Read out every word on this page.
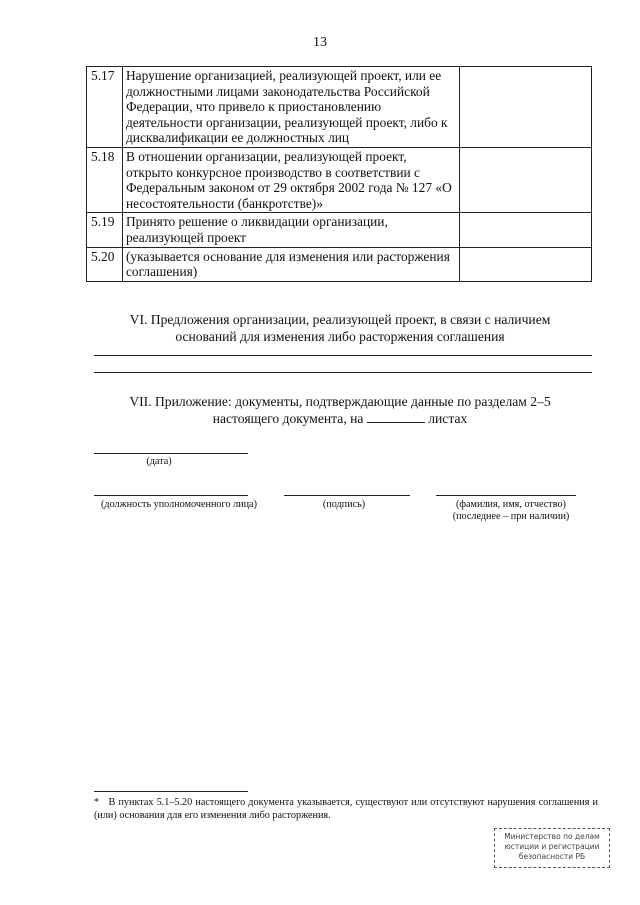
13
5.17	Нарушение организацией, реализующей проект, или ее должностными лицами законодательства Российской Федерации, что привело к приостановлению деятельности организации, реализующей проект, либо к дисквалификации ее должностных лиц	
5.18	В отношении организации, реализующей проект, открыто конкурсное производство в соответствии с Федеральным законом от 29 октября 2002 года № 127 «О несостоятельности (банкротстве)»	
5.19	Принято решение о ликвидации организации, реализующей проект	
5.20	(указывается основание для изменения или расторжения соглашения)	
VI. Предложения организации, реализующей проект, в связи с наличием
оснований для изменения либо расторжения соглашения
VII. Приложение: документы, подтверждающие данные по разделам 2–5
настоящего документа, на	листах
(дата)
(должность уполномоченного лица)	(подпись)	(фамилия, имя, отчество)
(последнее – при наличии)
* В пунктах 5.1–5.20 настоящего документа указывается, существуют или отсутствуют нарушения соглашения и (или) основания для его изменения либо расторжения.
Министерство по делам
юстиции и регистрации
безопасности РБ
